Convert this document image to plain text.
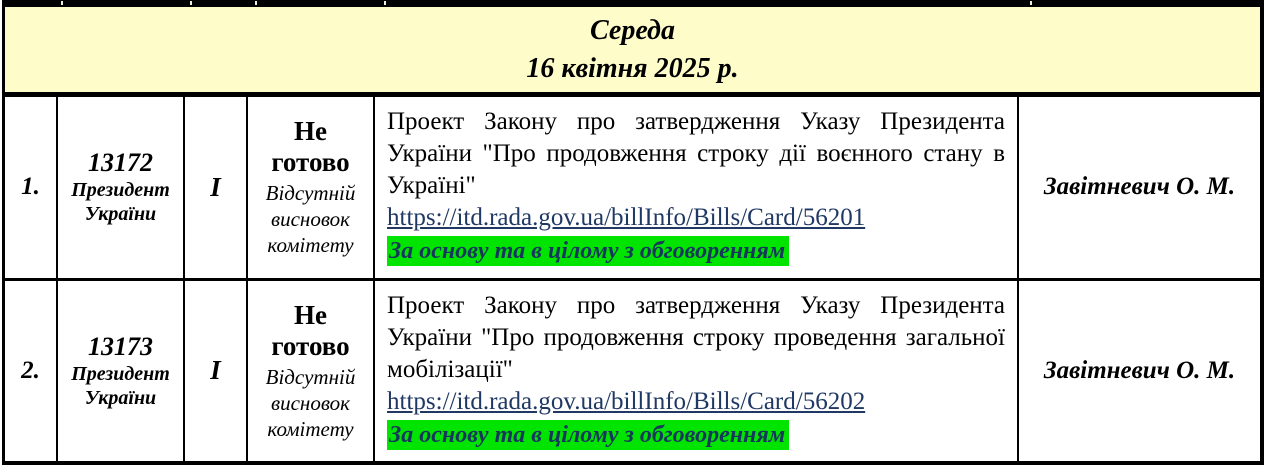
Середа
16 квітня 2025 р.
1.
13172
Президент України
І
Не готово
Відсутній висновок комітету
Проект Закону про затвердження Указу Президента України "Про продовження строку дії воєнного стану в Україні"
https://itd.rada.gov.ua/billInfo/Bills/Card/56201
За основу та в цілому з обговоренням
Завітневич О. М.
2.
13173
Президент України
І
Не готово
Відсутній висновок комітету
Проект Закону про затвердження Указу Президента України "Про продовження строку проведення загальної мобілізації"
https://itd.rada.gov.ua/billInfo/Bills/Card/56202
За основу та в цілому з обговоренням
Завітневич О. М.
